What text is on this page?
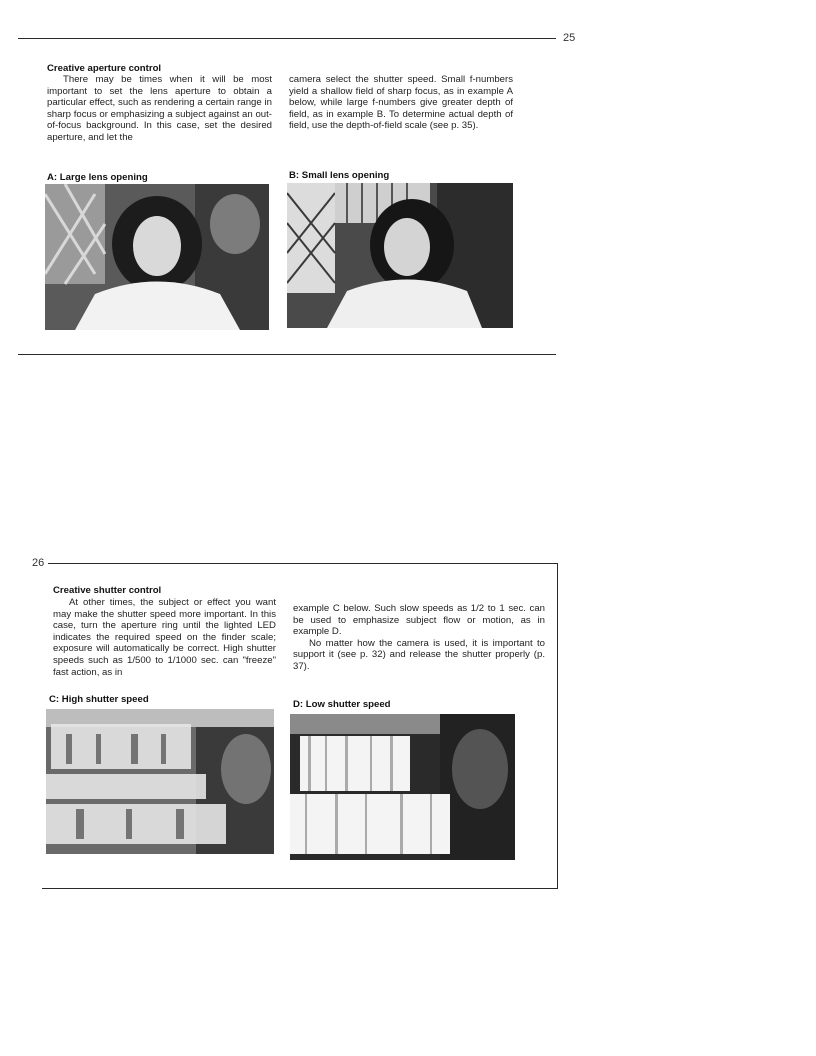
25
Creative aperture control

There may be times when it will be most important to set the lens aperture to obtain a particular effect, such as rendering a certain range in sharp focus or emphasizing a subject against an out-of-focus background. In this case, set the desired aperture, and let the

camera select the shutter speed. Small f-numbers yield a shallow field of sharp focus, as in example A below, while large f-numbers give greater depth of field, as in example B. To determine actual depth of field, use the depth-of-field scale (see p. 35).

A: Large lens opening	B: Small lens opening
26
Creative shutter control

At other times, the subject or effect you want may make the shutter speed more important. In this case, turn the aperture ring until the lighted LED indicates the required speed on the finder scale; exposure will automatically be correct. High shutter speeds such as 1/500 to 1/1000 sec. can "freeze" fast action, as in

example C below. Such slow speeds as 1/2 to 1 sec. can be used to emphasize subject flow or motion, as in example D.

No matter how the camera is used, it is important to support it (see p. 32) and release the shutter properly (p. 37).

C: High shutter speed	D: Low shutter speed
